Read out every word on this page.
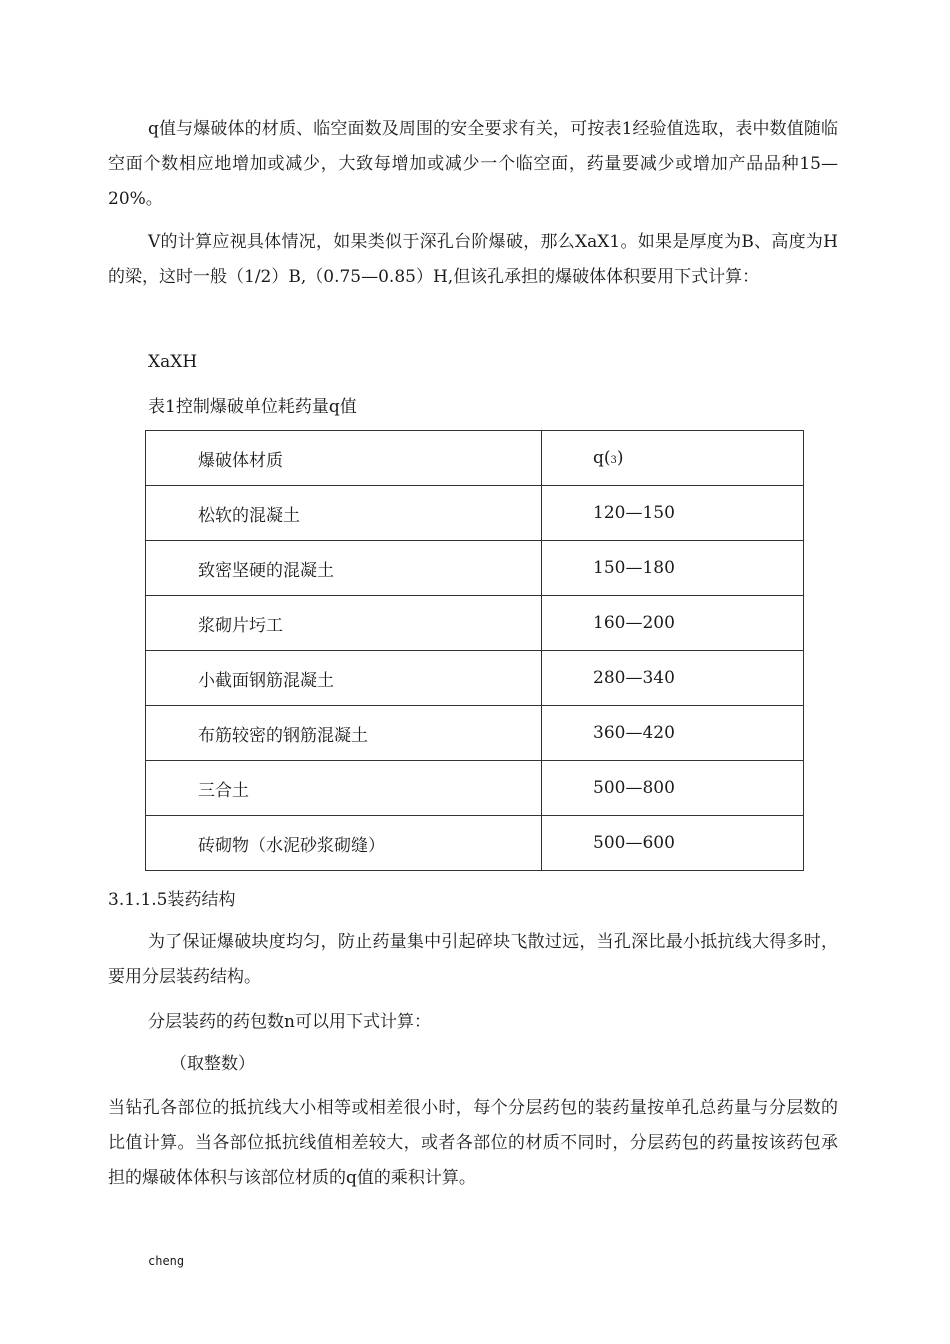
q值与爆破体的材质、临空面数及周围的安全要求有关，可按表1经验值选取，表中数值随临空面个数相应地增加或减少，大致每增加或减少一个临空面，药量要减少或增加产品品种15—20%。

V的计算应视具体情况，如果类似于深孔台阶爆破，那么XaX1。如果是厚度为B、高度为H的梁，这时一般（1/2）B,（0.75—0.85）H,但该孔承担的爆破体体积要用下式计算：

XaXH

表1控制爆破单位耗药量q值

爆破体材质	q(3)
松软的混凝土	120—150
致密坚硬的混凝土	150—180
浆砌片圬工	160—200
小截面钢筋混凝土	280—340
布筋较密的钢筋混凝土	360—420
三合土	500—800
砖砌物（水泥砂浆砌缝）	500—600

3.1.1.5装药结构

为了保证爆破块度均匀，防止药量集中引起碎块飞散过远，当孔深比最小抵抗线大得多时，要用分层装药结构。

分层装药的药包数n可以用下式计算：

（取整数）

当钻孔各部位的抵抗线大小相等或相差很小时，每个分层药包的装药量按单孔总药量与分层数的比值计算。当各部位抵抗线值相差较大，或者各部位的材质不同时，分层药包的药量按该药包承担的爆破体体积与该部位材质的q值的乘积计算。

cheng
